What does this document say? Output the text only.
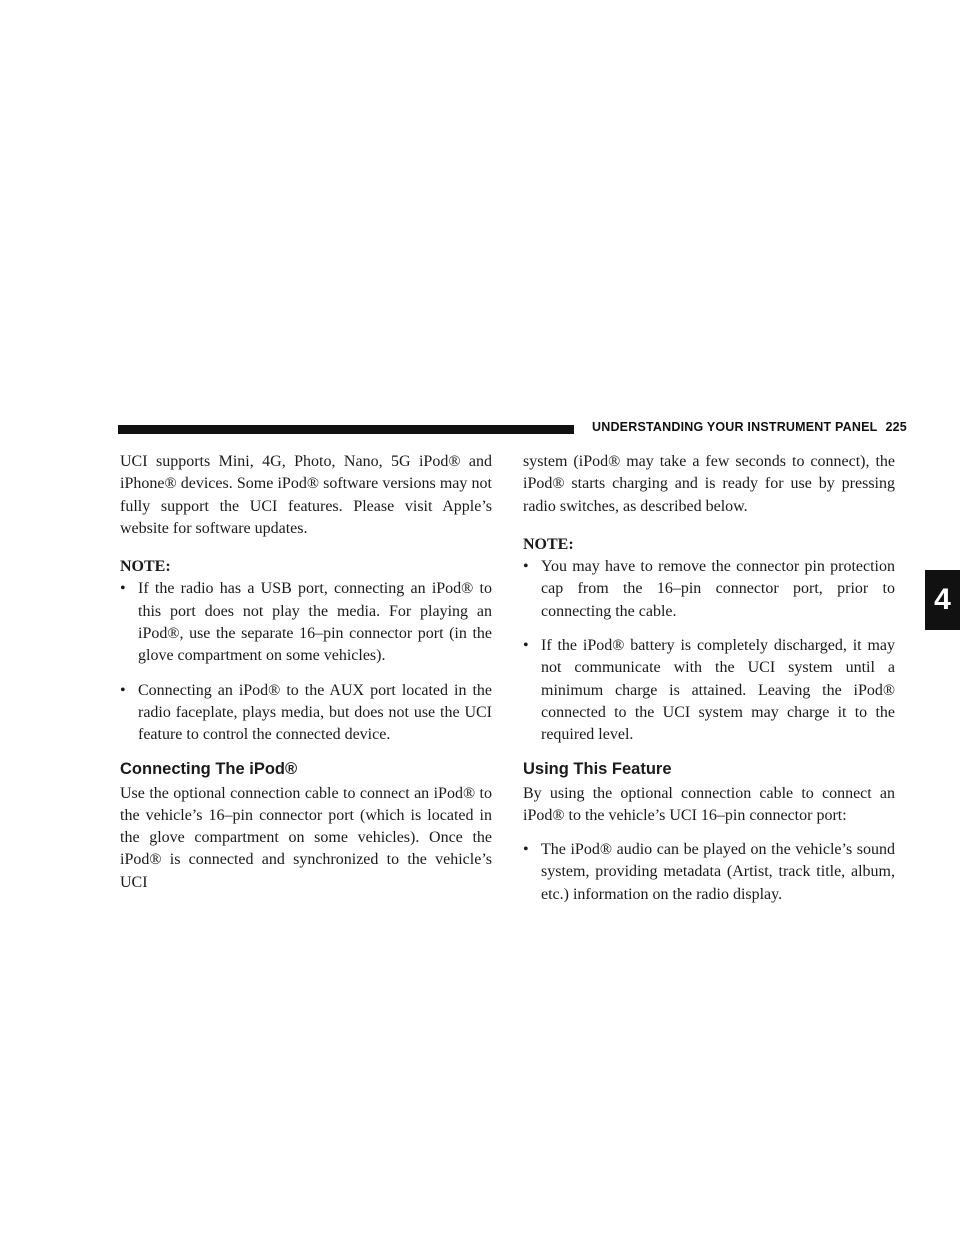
UNDERSTANDING YOUR INSTRUMENT PANEL 225
4

UCI supports Mini, 4G, Photo, Nano, 5G iPod® and iPhone® devices. Some iPod® software versions may not fully support the UCI features. Please visit Apple’s website for software updates.

NOTE:
• If the radio has a USB port, connecting an iPod® to this port does not play the media. For playing an iPod®, use the separate 16–pin connector port (in the glove compartment on some vehicles).
• Connecting an iPod® to the AUX port located in the radio faceplate, plays media, but does not use the UCI feature to control the connected device.
Connecting The iPod®

Use the optional connection cable to connect an iPod® to the vehicle’s 16–pin connector port (which is located in the glove compartment on some vehicles). Once the iPod® is connected and synchronized to the vehicle’s UCI

system (iPod® may take a few seconds to connect), the iPod® starts charging and is ready for use by pressing radio switches, as described below.

NOTE:
• You may have to remove the connector pin protection cap from the 16–pin connector port, prior to connecting the cable.
• If the iPod® battery is completely discharged, it may not communicate with the UCI system until a minimum charge is attained. Leaving the iPod® connected to the UCI system may charge it to the required level.
Using This Feature

By using the optional connection cable to connect an iPod® to the vehicle’s UCI 16–pin connector port:

• The iPod® audio can be played on the vehicle’s sound system, providing metadata (Artist, track title, album, etc.) information on the radio display.
